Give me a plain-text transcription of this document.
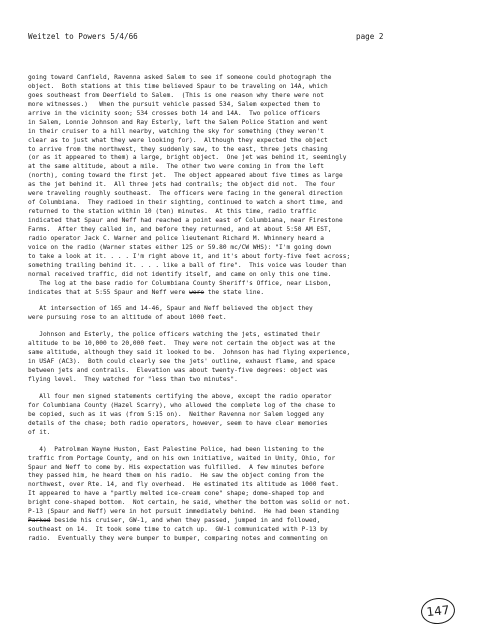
Weitzel to Powers 5/4/66	page 2
going toward Canfield, Ravenna asked Salem to see if someone could photograph the
object.  Both stations at this time believed Spaur to be traveling on 14A, which
goes southeast from Deerfield to Salem.  (This is one reason why there were not
more witnesses.)   When the pursuit vehicle passed 534, Salem expected them to
arrive in the vicinity soon; 534 crosses both 14 and 14A.  Two police officers
in Salem, Lonnie Johnson and Ray Esterly, left the Salem Police Station and went
in their cruiser to a hill nearby, watching the sky for something (they weren't
clear as to just what they were looking for).  Although they expected the object
to arrive from the northwest, they suddenly saw, to the east, three jets chasing
(or as it appeared to them) a large, bright object.  One jet was behind it, seemingly
at the same altitude, about a mile.  The other two were coming in from the left
(north), coming toward the first jet.  The object appeared about five times as large
as the jet behind it.  All three jets had contrails; the object did not.  The four
were traveling roughly southeast.  The officers were facing in the general direction
of Columbiana.  They radioed in their sighting, continued to watch a short time, and
returned to the station within 10 (ten) minutes.  At this time, radio traffic
indicated that Spaur and Neff had reached a point east of Columbiana, near Firestone
Farms.  After they called in, and before they returned, and at about 5:50 AM EST,
radio operator Jack C. Warner and police lieutenant Richard M. Whinnery heard a
voice on the radio (Warner states either 125 or 59.80 mc/CW WHS): "I'm going down
to take a look at it. . . . I'm right above it, and it's about forty-five feet across;
something trailing behind it. . . . like a ball of fire".  This voice was louder than
normal received traffic, did not identify itself, and came on only this one time.
The log at the base radio for Columbiana County Sheriff's Office, near Lisbon,
indicates that at 5:55 Spaur and Neff were were the state line.
At intersection of 165 and 14-46, Spaur and Neff believed the object they
were pursuing rose to an altitude of about 1000 feet.
Johnson and Esterly, the police officers watching the jets, estimated their
altitude to be 10,000 to 20,000 feet.  They were not certain the object was at the
same altitude, although they said it looked to be.  Johnson has had flying experience,
in USAF (AC3).  Both could clearly see the jets' outline, exhaust flame, and space
between jets and contrails.  Elevation was about twenty-five degrees: object was
flying level.  They watched for "less than two minutes".
All four men signed statements certifying the above, except the radio operator
for Columbiana County (Hazel Scarry), who allowed the complete log of the chase to
be copied, such as it was (from 5:15 on).  Neither Ravenna nor Salem logged any
details of the chase; both radio operators, however, seem to have clear memories
of it.
4)  Patrolman Wayne Huston, East Palestine Police, had been listening to the
traffic from Portage County, and on his own initiative, waited in Unity, Ohio, for
Spaur and Neff to come by. His expectation was fulfilled.  A few minutes before
they passed him, he heard them on his radio.  He saw the object coming from the
northwest, over Rte. 14, and fly overhead.  He estimated its altitude as 1000 feet.
It appeared to have a "partly melted ice-cream cone" shape; dome-shaped top and
bright cone-shaped bottom.  Not certain, he said, whether the bottom was solid or not.
P-13 (Spaur and Neff) were in hot pursuit immediately behind.  He had been standing
Parked beside his cruiser, GW-1, and when they passed, jumped in and followed,
southeast on 14.  It took some time to catch up.  GW-1 communicated with P-13 by
radio.  Eventually they were bumper to bumper, comparing notes and commenting on
147
